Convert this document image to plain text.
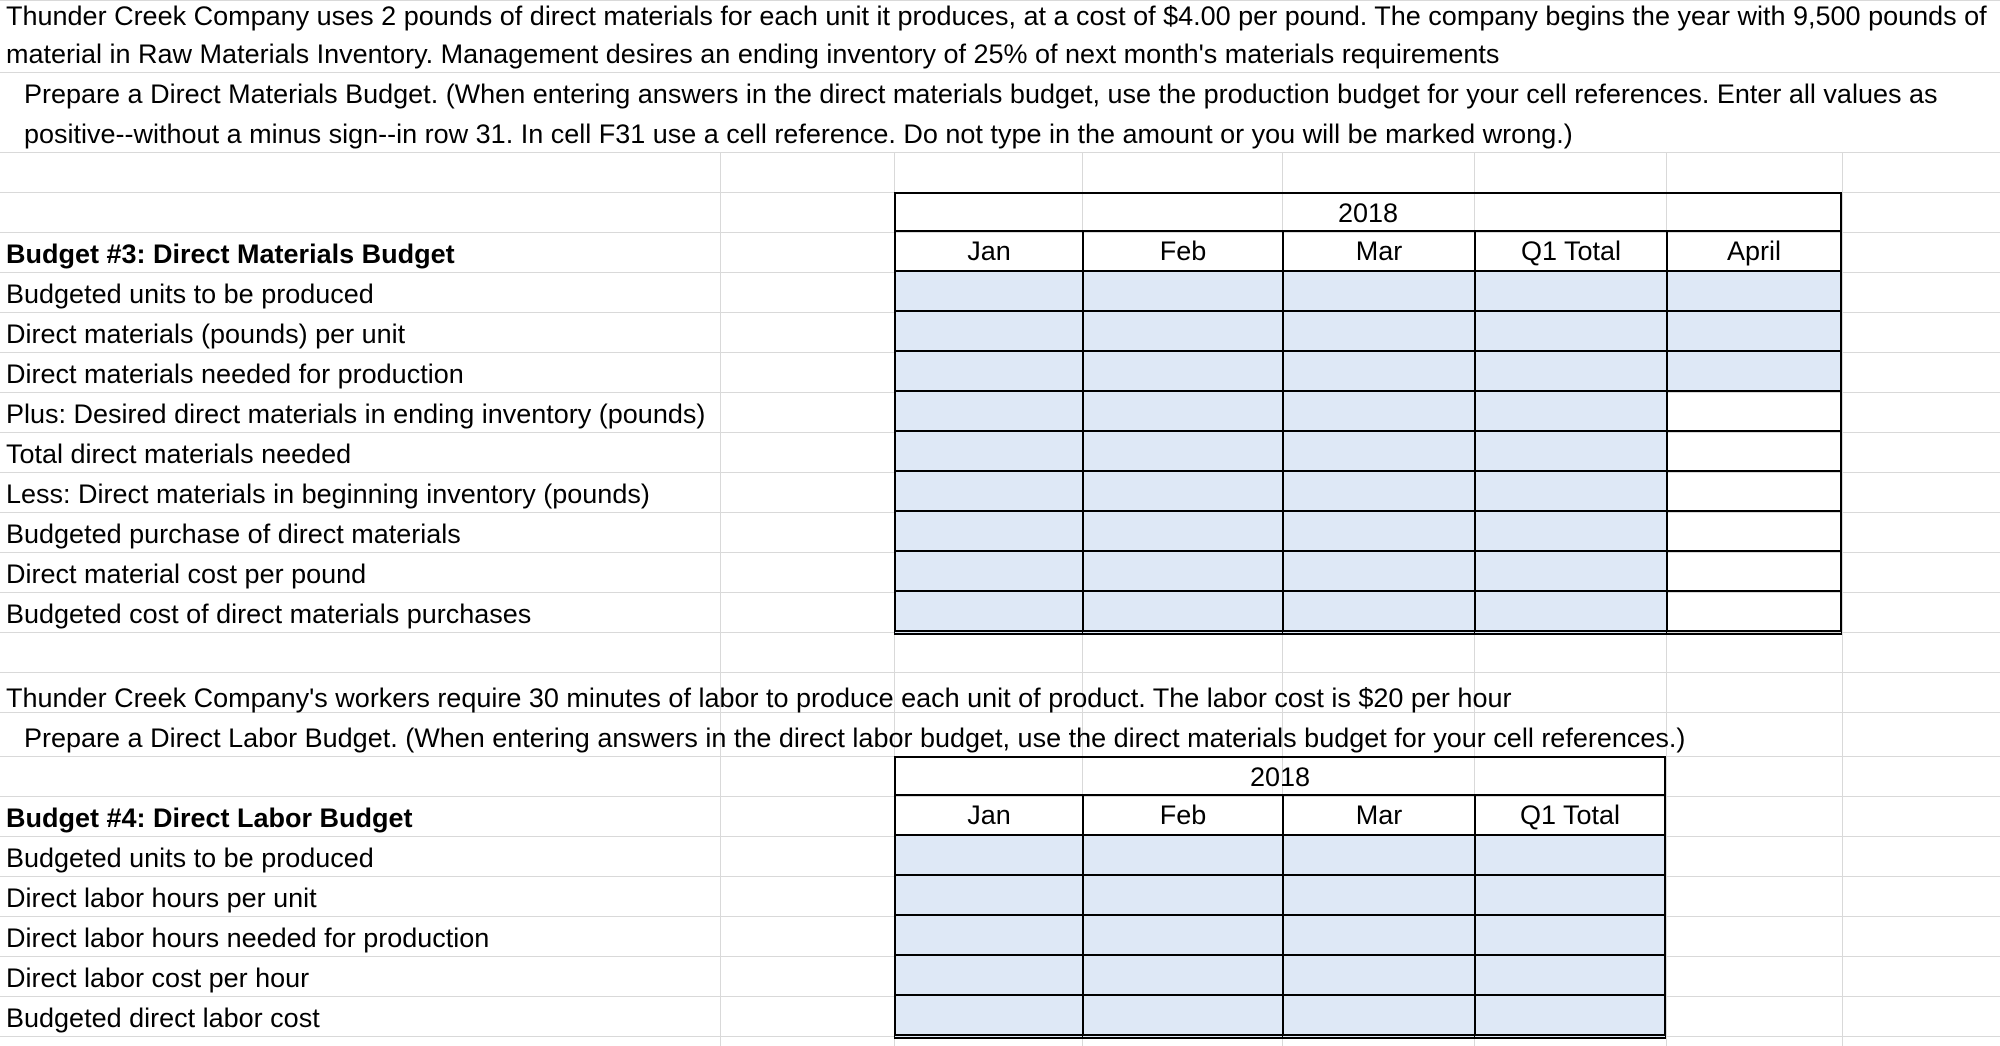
Thunder Creek Company uses 2 pounds of direct materials for each unit it produces, at a cost of $4.00 per pound. The company begins the year with 9,500 pounds of
material in Raw Materials Inventory. Management desires an ending inventory of 25% of next month's materials requirements
Prepare a Direct Materials Budget. (When entering answers in the direct materials budget, use the production budget for your cell references. Enter all values as
positive--without a minus sign--in row 31. In cell F31 use a cell reference. Do not type in the amount or you will be marked wrong.)
2018
Budget #3: Direct Materials Budget	Jan	Feb	Mar	Q1 Total	April
Budgeted units to be produced
Direct materials (pounds) per unit
Direct materials needed for production
Plus: Desired direct materials in ending inventory (pounds)
Total direct materials needed
Less: Direct materials in beginning inventory (pounds)
Budgeted purchase of direct materials
Direct material cost per pound
Budgeted cost of direct materials purchases
Thunder Creek Company's workers require 30 minutes of labor to produce each unit of product. The labor cost is $20 per hour
Prepare a Direct Labor Budget. (When entering answers in the direct labor budget, use the direct materials budget for your cell references.)
2018
Budget #4: Direct Labor Budget	Jan	Feb	Mar	Q1 Total
Budgeted units to be produced
Direct labor hours per unit
Direct labor hours needed for production
Direct labor cost per hour
Budgeted direct labor cost
